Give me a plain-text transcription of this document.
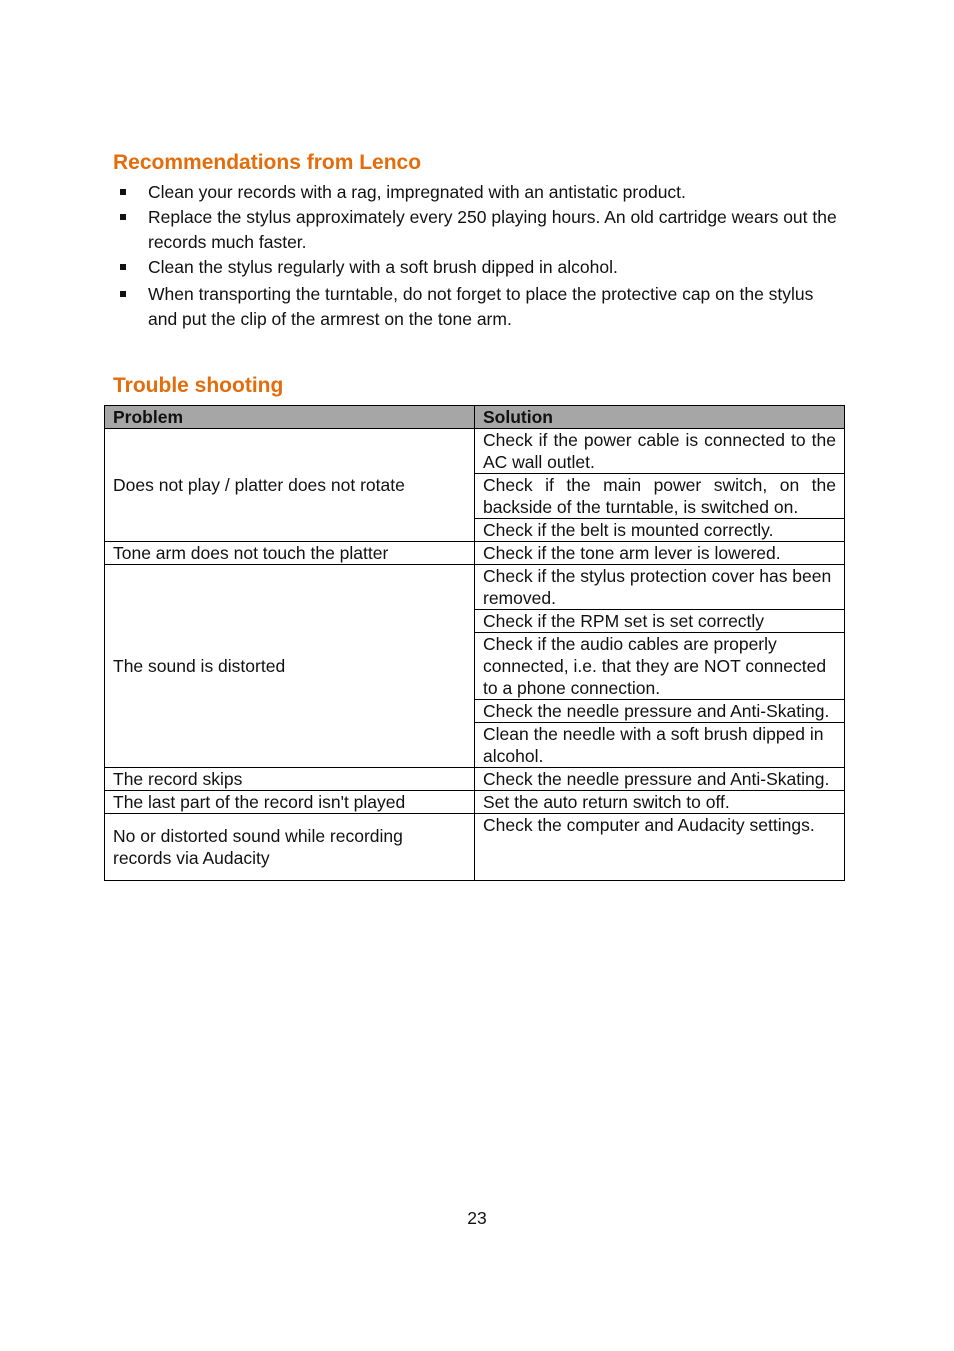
Recommendations from Lenco
Clean your records with a rag, impregnated with an antistatic product.
Replace the stylus approximately every 250 playing hours. An old cartridge wears out the records much faster.
Clean the stylus regularly with a soft brush dipped in alcohol.
When transporting the turntable, do not forget to place the protective cap on the stylus and put the clip of the armrest on the tone arm.
Trouble shooting
Problem	Solution
Does not play / platter does not rotate	Check if the power cable is connected to the AC wall outlet.
	Check if the main power switch, on the backside of the turntable, is switched on.
	Check if the belt is mounted correctly.
Tone arm does not touch the platter	Check if the tone arm lever is lowered.
The sound is distorted	Check if the stylus protection cover has been removed.
	Check if the RPM set is set correctly
	Check if the audio cables are properly connected, i.e. that they are NOT connected to a phone connection.
	Check the needle pressure and Anti-Skating.
	Clean the needle with a soft brush dipped in alcohol.
The record skips	Check the needle pressure and Anti-Skating.
The last part of the record isn't played	Set the auto return switch to off.
No or distorted sound while recording records via Audacity	Check the computer and Audacity settings.
23
